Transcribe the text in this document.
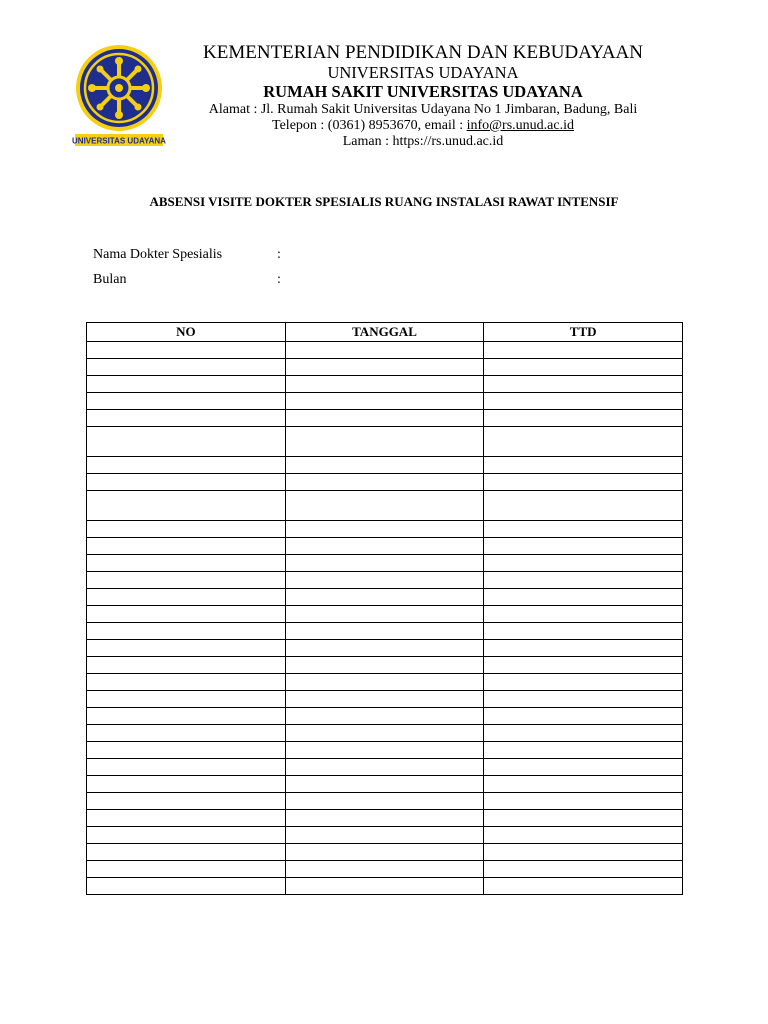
UNIVERSITAS UDAYANA

KEMENTERIAN PENDIDIKAN DAN KEBUDAYAAN

UNIVERSITAS UDAYANA

RUMAH SAKIT UNIVERSITAS UDAYANA

Alamat : Jl. Rumah Sakit Universitas Udayana No 1 Jimbaran, Badung, Bali

Telepon : (0361) 8953670, email : info@rs.unud.ac.id

Laman : https://rs.unud.ac.id

ABSENSI VISITE DOKTER SPESIALIS RUANG INSTALASI RAWAT INTENSIF
Nama Dokter Spesialis	:
Bulan	:
NO	TANGGAL	TTD
